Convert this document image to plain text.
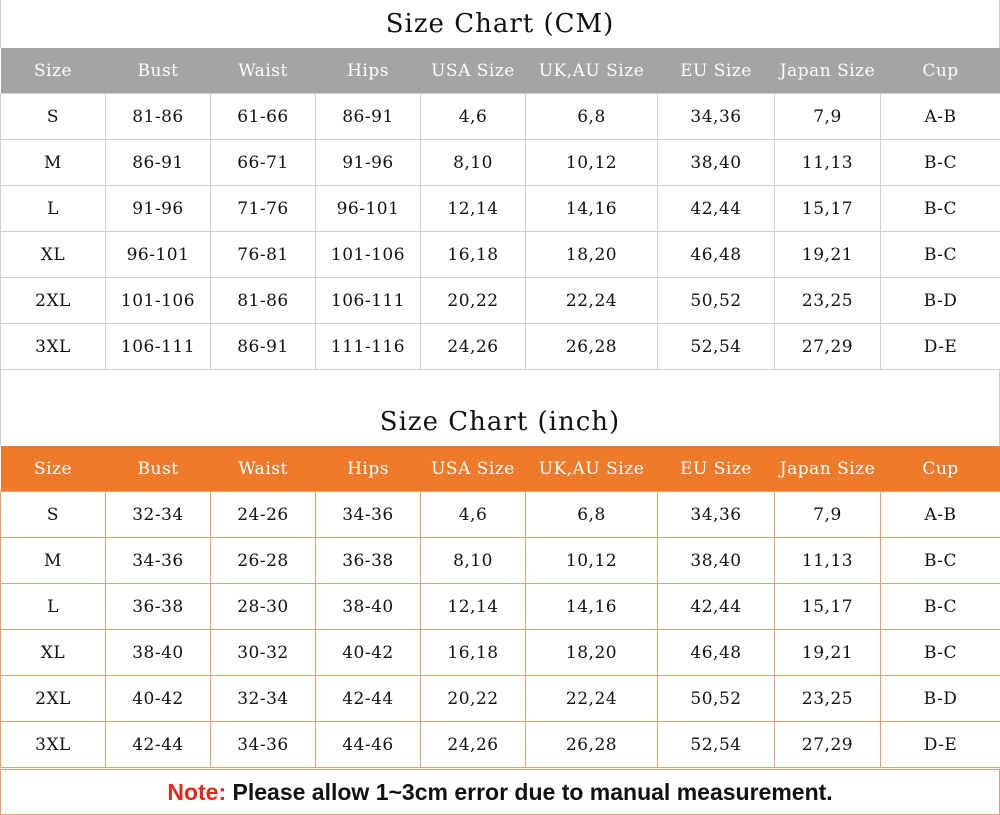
Size Chart (CM)
Size	Bust	Waist	Hips	USA Size	UK,AU Size	EU Size	Japan Size	Cup
S	81-86	61-66	86-91	4,6	6,8	34,36	7,9	A-B
M	86-91	66-71	91-96	8,10	10,12	38,40	11,13	B-C
L	91-96	71-76	96-101	12,14	14,16	42,44	15,17	B-C
XL	96-101	76-81	101-106	16,18	18,20	46,48	19,21	B-C
2XL	101-106	81-86	106-111	20,22	22,24	50,52	23,25	B-D
3XL	106-111	86-91	111-116	24,26	26,28	52,54	27,29	D-E
Size Chart (inch)
Size	Bust	Waist	Hips	USA Size	UK,AU Size	EU Size	Japan Size	Cup
S	32-34	24-26	34-36	4,6	6,8	34,36	7,9	A-B
M	34-36	26-28	36-38	8,10	10,12	38,40	11,13	B-C
L	36-38	28-30	38-40	12,14	14,16	42,44	15,17	B-C
XL	38-40	30-32	40-42	16,18	18,20	46,48	19,21	B-C
2XL	40-42	32-34	42-44	20,22	22,24	50,52	23,25	B-D
3XL	42-44	34-36	44-46	24,26	26,28	52,54	27,29	D-E
Note: Please allow 1~3cm error due to manual measurement.
